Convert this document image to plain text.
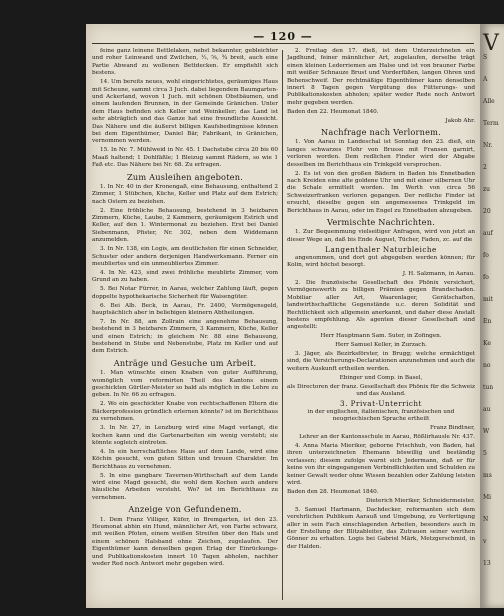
— 120 —

feine ganz leinene Bettlelaken, nebst bekannter, gebleichter und roher Leinwand und Zwilchen, ½, ⅝, ¾ breit, auch eine Partie Abwand zu wollenen Bettdecken. Er empfiehlt sich bestens.

14. Um bereits neues, wohl eingerichtetes, geräumiges Haus mit Scheune, sammt circa 3 Juch. dabei liegendem Baumgarten- und Ackerland, wovon 1 Juch. mit schönen Obstbäumen, und einem laufenden Brunnen, in der Gemeinde Gränichen. Unter dem Haus befinden sich Keller und Weinkeller; das Land ist sehr abträglich und das Ganze hat eine freundliche Aussicht. Das Nähere und die äußerst billigen Kaufsbedingnisse können bei dem Eigenthümer, Daniel Bär, Fabrikant, in Gränichen, vernommen werden.

15. In Nr. 7. Mühlweid in Nr. 45. 1 Dachstube circa 20 bis 60 Maaß haltend; 1 Dohlfäßle; 1 Bleizug sammt Rädern, so wie 1 Faß etc. Das Nähere bei Nr. 68. Zu erfragen.

Zum Ausleihen angeboten.

1. In Nr. 40 in der Kronengaß, eine Behausung, enthaltend 2 Zimmer, 1 Stübchen, Küche, Keller und Platz auf dem Estrich; nach Ostern zu beziehen.

2. Eine fröhliche Behausung, bestehend in 3 heizbaren Zimmern, Küche, Laube, 2 Kammern, geräumigem Estrich und Keller, auf den 1. Wintermonat zu beziehen. Erst bei Daniel Siebenmann, Pfister, Nr. 302, neben dem Widdemann anzumelden.

3. In Nr. 138, ein Logis, am deutlichsten für einen Schneider, Schuster oder andern derjenigen Handwerksmann. Ferner ein meubliertes und ein unmeubliertes Zimmer.

4. In Nr. 423, sind zwei fröhliche meublirte Zimmer, vom Grund an zu haben.

5. Bei Notar Fürrer, in Aarau, welcher Zahlung läuft, gegen doppelte hypothekarische Sicherheit für Waisengüter.

6. Bei Alb. Beck, in Aarau, Fr. 2400, Vermögensgeld, hauptsächlich aber in beliebigen kleinern Abtheilungen.

7. In Nr. 88, am Zollrain eine angenehme Behausung, bestehend in 3 heizbaren Zimmern, 3 Kammern, Küche, Keller und einen Estrich; in gleichem Nr. 88 eine Behausung, bestehend in Stube und Nebenstube, Platz im Keller und auf dem Estrich.

Anträge und Gesuche um Arbeit.

1. Man wünschte einen Knaben von guter Aufführung, womöglich vom reformirten Theil des Kantons einem geschickten Gürtler-Meister so bald als möglich in die Lehre zu geben. In Nr. 66 zu erfragen.

2. Wo ein geschickter Knabe von rechtschaffenen Eltern die Bäckerprofession gründlich erlernen könnte? ist im Berichthaus zu vernehmen.

3. In Nr. 27, in Lenzburg wird eine Magd verlangt, die kochen kann und die Gartenarbeiten ein wenig versteht; sie könnte sogleich eintreten.

4. In ein herrschaftliches Haus auf dem Lande, wird eine Köchin gesucht, von guten Sitten und treuen Charakter. Im Berichthaus zu vernehmen.

5. In eine gangbare Tavernen-Wirthschaft auf dem Lande wird eine Magd gesucht, die wohl dem Kochen auch andere häusliche Arbeiten versteht. Wo? ist im Berichthaus zu vernehmen.

Anzeige von Gefundenem.

1. Dem Franz Villiger, Küfer, in Bremgarten, ist den 23. Heumonat abhin ein Hund, männlicher Art, von Farbe schwarz, mit weißen Pfoten, einem weißen Streifen über den Hals und einem schönen Halsband ohne Zeichen, zugelaufen. Der Eigenthümer kann denselben gegen Erlag der Einrückungs- und Publikationskosten innert 10 Tagen abholen, nachher weder Red noch Antwort mehr gegeben wird.

2. Freitag den 17. dieß, ist dem Unterzeichneten ein Jagdhund, feiner männlicher Art, zugelaufen, derselbe trägt einen kleinen Lederriemen am Halse und ist von brauner Farbe mit weißer Schnauze Brust und Vorderfüßen, langen Ohren und Behenschweif. Der rechtmäßige Eigenthümer kann denselben innert 8 Tagen gegen Vergütung des Fütterungs- und Publikationskosten abholen; später weder Rede noch Antwort mehr gegeben werden.

Baden den 22. Heumonat 1840.

Jakob Ahr.

Nachfrage nach Verlornem.

1. Von Aarau in Landeschal ist Sonntag den 23. dieß, ein langes schwarzes Flohr von Brusse mit Fransen garnirt, verloren worden. Dem redlichen Finder wird der Abgabe desselben im Berichthaus ein Trinkgeld versprochen.

2. Es ist von den großen Bädern in Baden bis Ennetbaden nach Kreiden eine alte goldene Uhr und mit einer silbernen Uhr die Schale ermittelt worden. Im Werth von circa 56 Schweizerfranken verloren gegangen. Der redliche Finder ist ersucht, dieselbe gegen ein angemessenes Trinkgeld im Berichthaus in Aarau, oder im Engel zu Ennetbaden abzugeben.

Vermischte Nachrichten.

1. Zur Bequemmung vielseitiger Anfragen, wird von jetzt an dieser Wege an, daß bis Ende August, Tücher, Faden, zc. auf die

Langenthaler Naturbleiche

angenommen, und dort gut abgegeben werden können; für Kolin, wird höchst besorgt.

J. H. Salzmann, in Aarau.

2. Die französische Gesellschaft des Phönix versichert, Vermögenswerth zu billigen Prämien gegen Brandschaden. Mobiliar aller Art, Waarenlager, Gerätschaften, landwirthschaftliche Gegenstände u.c. deren Solidität und Rechtlichkeit sich allgemein anerkannt, und daher diese Anstalt bestens empfehlung. Als agenten dieser Gesellschaft sind angestellt:

Herr Hauptmann Sam. Suter, in Zofingen.

Herr Samuel Keller, in Zurzach.

3. Jäger, als Bezirksförster, in Brugg; welche ermächtiget sind, die Versicherungs-Declarationen anzunehmen und auch die weitern Auskunft ertheilen werden.

Ebinger und Comp. in Basel,

als Directoren der franz. Gesellschaft des Phönix für die Schweiz und das Ausland.

3. Privat-Unterricht

in der englischen, italienischen, französischen und neugriechischen Sprache ertheilt

Franz Bindtner,

Lehrer an der Kantonsschule in Aarau, Rößlirhausle Nr. 437.

4. Anna Maria Mieriker, geborne Frischhub, von Baden, hat ihren unterzeichneten Ehemann böswillig und beständig verlassen; diesem zufolge warnt sich Jedermann, daß er für keine von ihr eingegangenen Verbindlichkeiten und Schulden zu keiner Gewalt weder ohne Wissen bezahlen oder Zahlung leisten wird.

Baden den 28. Heumonat 1840.

Dieterich Mieriker, Schneidermeister.

5. Samuel Hartmann, Dachdecker, reformanten sich dem verehrlichen Publikum Aarauß und Umgebung, zu Verfertigung aller in sein Fach einschlagenden Arbeiten, besonders auch in der Erstellung der Blitzableiter, das Zutrauen seiner werthen Gönner zu erhalten. Logis bei Gabriel Märk, Metzgerschmid, in der Halden.

V
S
A
Alle
Term
Nr.
2
zu
20
auf
fo
fo
mit
En
Ke
no
tun
au
W
5
ms
Mi
N
v
13
